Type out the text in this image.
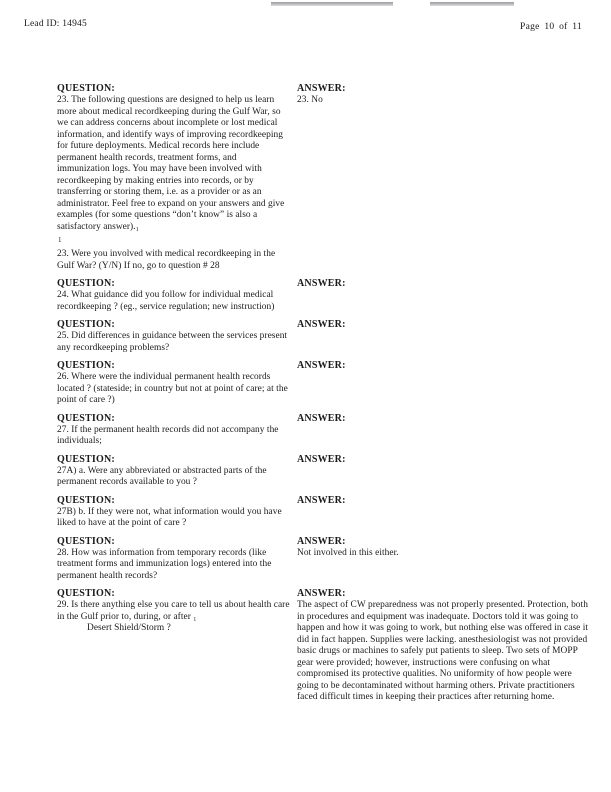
Lead ID: 14945	Page 10 of 11
QUESTION:

23. The following questions are designed to help us learn more about medical recordkeeping during the Gulf War, so we can address concerns about incomplete or lost medical information, and identify ways of improving recordkeeping for future deployments. Medical records here include permanent health records, treatment forms, and immunization logs. You may have been involved with recordkeeping by making entries into records, or by transferring or storing them, i.e. as a provider or as an administrator. Feel free to expand on your answers and give examples (for some questions “don’t know” is also a satisfactory answer).₁

1

23. Were you involved with medical recordkeeping in the Gulf War? (Y/N) If no, go to question # 28

ANSWER:

23. No

QUESTION:

24. What guidance did you follow for individual medical recordkeeping ? (eg., service regulation; new instruction)

ANSWER:
QUESTION:

25. Did differences in guidance between the services present any recordkeeping problems?

ANSWER:
QUESTION:

26. Where were the individual permanent health records located ? (stateside; in country but not at point of care; at the point of care ?)

ANSWER:
QUESTION:

27. If the permanent health records did not accompany the individuals;

ANSWER:
QUESTION:

27A) a. Were any abbreviated or abstracted parts of the permanent records available to you ?

ANSWER:
QUESTION:

27B) b. If they were not, what information would you have liked to have at the point of care ?

ANSWER:
QUESTION:

28. How was information from temporary records (like treatment forms and immunization logs) entered into the permanent health records?

ANSWER:

Not involved in this either.

QUESTION:

29. Is there anything else you care to tell us about health care in the Gulf prior to, during, or after ₁

Desert Shield/Storm ?

ANSWER:

The aspect of CW preparedness was not properly presented. Protection, both in procedures and equipment was inadequate. Doctors told it was going to happen and how it was going to work, but nothing else was offered in case it did in fact happen. Supplies were lacking. anesthesiologist was not provided basic drugs or machines to safely put patients to sleep. Two sets of MOPP gear were provided; however, instructions were confusing on what compromised its protective qualities. No uniformity of how people were going to be decontaminated without harming others. Private practitioners faced difficult times in keeping their practices after returning home.
